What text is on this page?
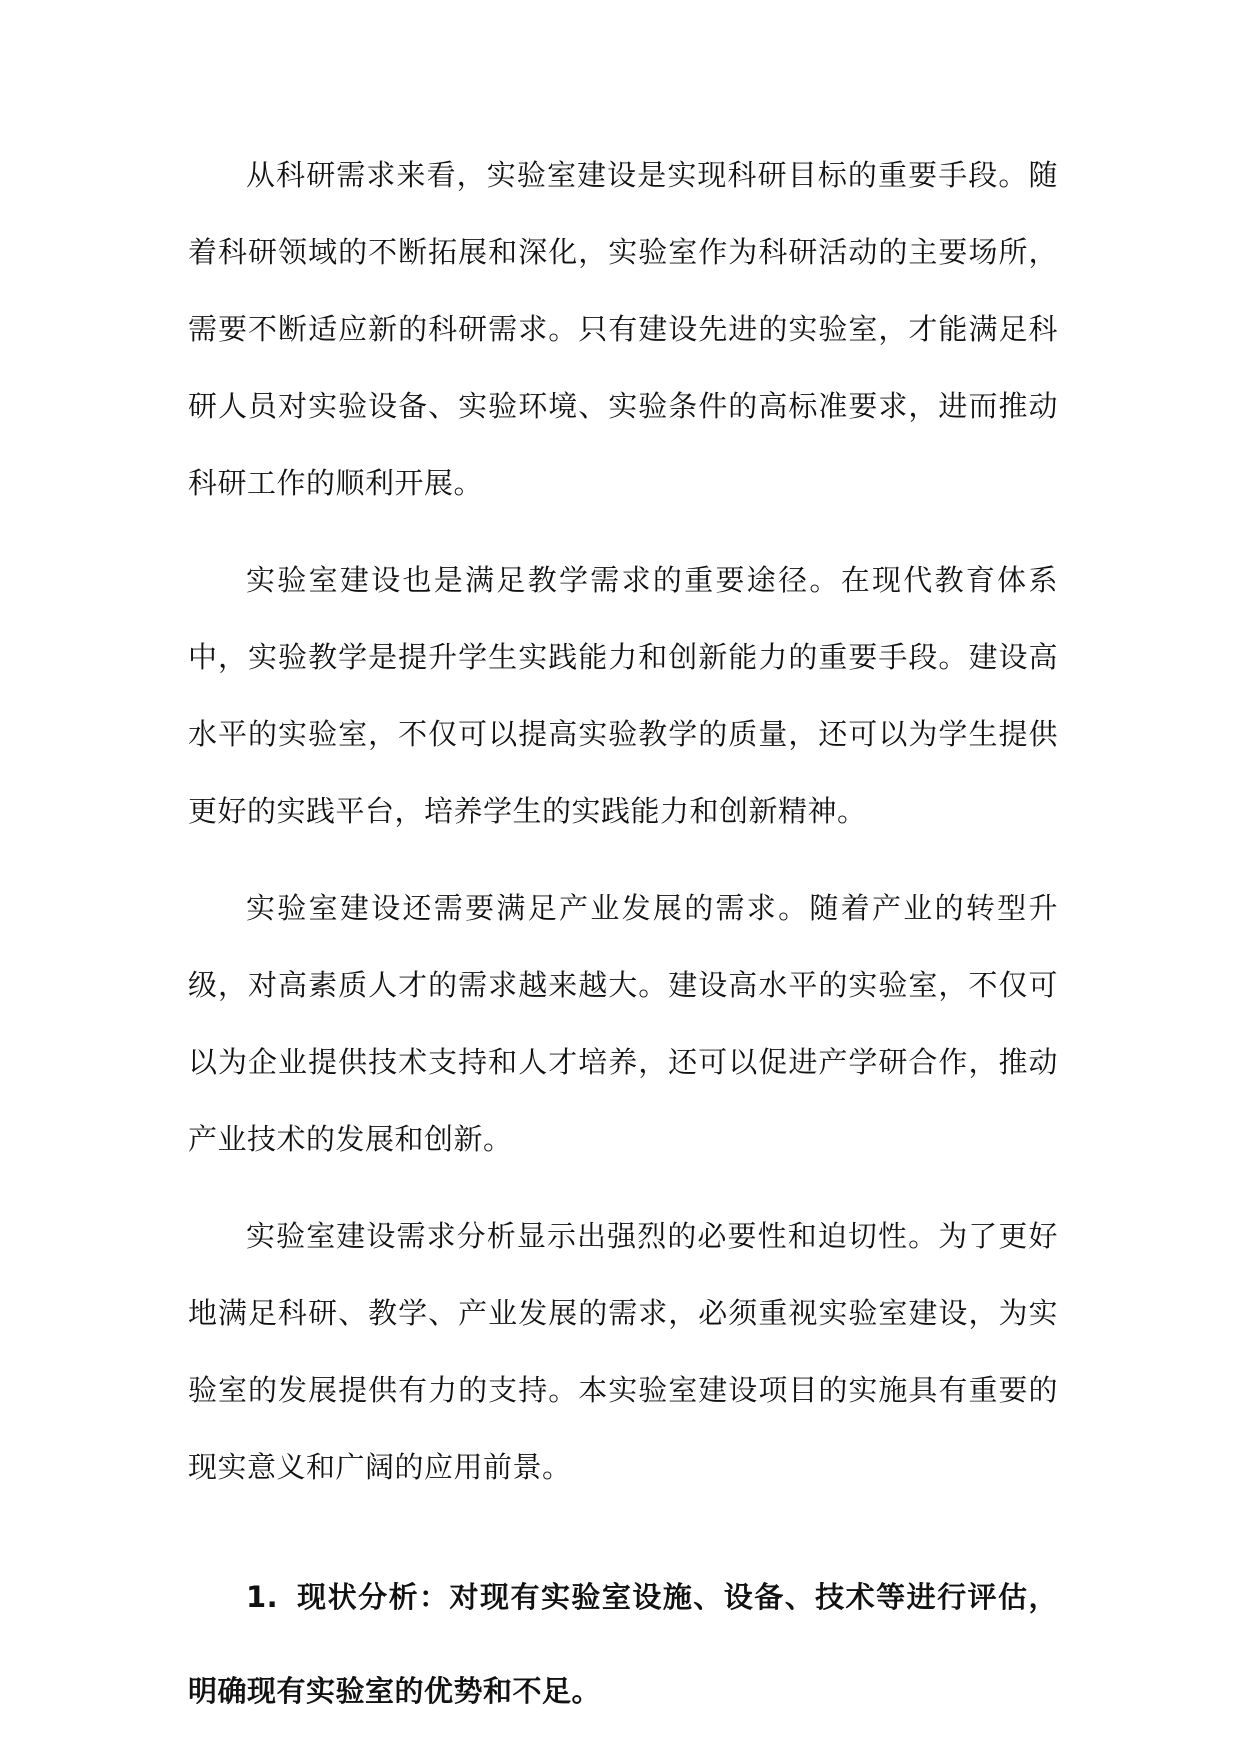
从科研需求来看，实验室建设是实现科研目标的重要手段。随着科研领域的不断拓展和深化，实验室作为科研活动的主要场所，需要不断适应新的科研需求。只有建设先进的实验室，才能满足科研人员对实验设备、实验环境、实验条件的高标准要求，进而推动科研工作的顺利开展。

实验室建设也是满足教学需求的重要途径。在现代教育体系中，实验教学是提升学生实践能力和创新能力的重要手段。建设高水平的实验室，不仅可以提高实验教学的质量，还可以为学生提供更好的实践平台，培养学生的实践能力和创新精神。

实验室建设还需要满足产业发展的需求。随着产业的转型升级，对高素质人才的需求越来越大。建设高水平的实验室，不仅可以为企业提供技术支持和人才培养，还可以促进产学研合作，推动产业技术的发展和创新。

实验室建设需求分析显示出强烈的必要性和迫切性。为了更好地满足科研、教学、产业发展的需求，必须重视实验室建设，为实验室的发展提供有力的支持。本实验室建设项目的实施具有重要的现实意义和广阔的应用前景。

1. 现状分析：对现有实验室设施、设备、技术等进行评估，明确现有实验室的优势和不足。
